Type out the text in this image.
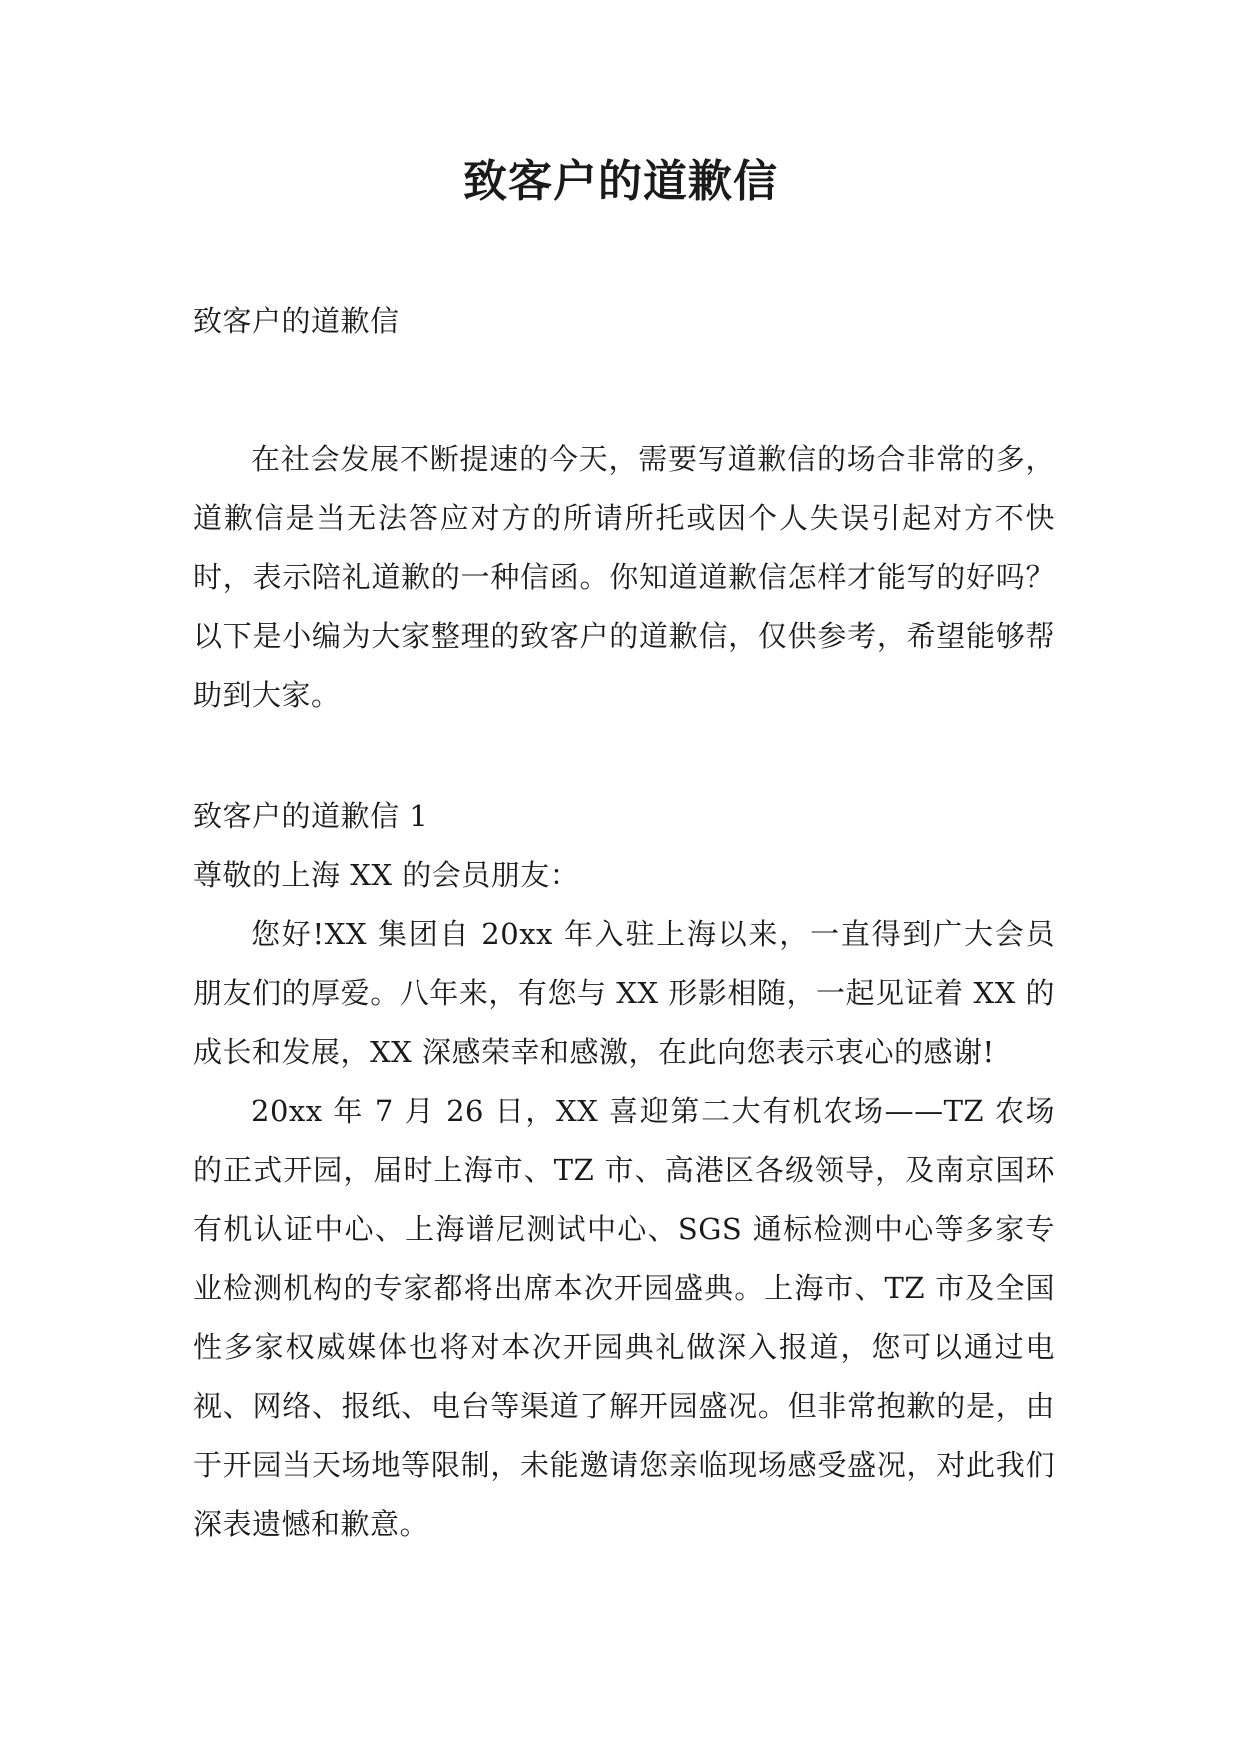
致客户的道歉信

致客户的道歉信

在社会发展不断提速的今天，需要写道歉信的场合非常的多，道歉信是当无法答应对方的所请所托或因个人失误引起对方不快时，表示陪礼道歉的一种信函。你知道道歉信怎样才能写的好吗？以下是小编为大家整理的致客户的道歉信，仅供参考，希望能够帮助到大家。

致客户的道歉信 1

尊敬的上海 XX 的会员朋友：

您好!XX 集团自 20xx 年入驻上海以来，一直得到广大会员朋友们的厚爱。八年来，有您与 XX 形影相随，一起见证着 XX 的成长和发展，XX 深感荣幸和感激，在此向您表示衷心的感谢!

20xx 年 7 月 26 日，XX 喜迎第二大有机农场——TZ 农场的正式开园，届时上海市、TZ 市、高港区各级领导，及南京国环有机认证中心、上海谱尼测试中心、SGS 通标检测中心等多家专业检测机构的专家都将出席本次开园盛典。上海市、TZ 市及全国性多家权威媒体也将对本次开园典礼做深入报道，您可以通过电视、网络、报纸、电台等渠道了解开园盛况。但非常抱歉的是，由于开园当天场地等限制，未能邀请您亲临现场感受盛况，对此我们深表遗憾和歉意。
